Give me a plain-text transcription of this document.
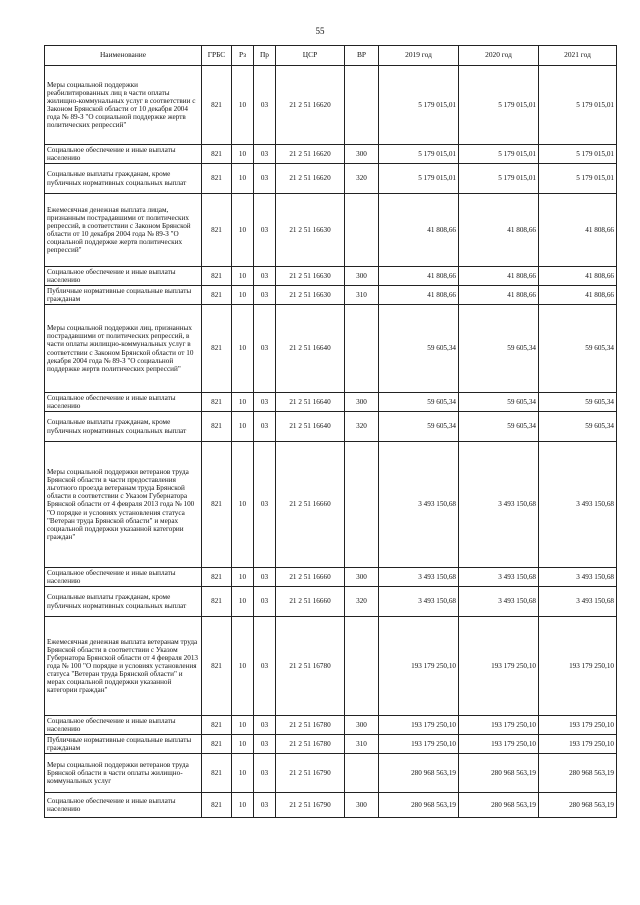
55
Наименование	ГРБС	Рз	Пр	ЦСР	ВР	2019 год	2020 год	2021 год
Меры социальной поддержки реабилитированных лиц в части оплаты жилищно-коммунальных услуг в соответствии с Законом Брянской области от 10 декабря 2004 года № 89-З "О социальной поддержке жертв политических репрессий"	821	10	03	21 2 51 16620		5 179 015,01	5 179 015,01	5 179 015,01
Социальное обеспечение и иные выплаты населению	821	10	03	21 2 51 16620	300	5 179 015,01	5 179 015,01	5 179 015,01
Социальные выплаты гражданам, кроме публичных нормативных социальных выплат	821	10	03	21 2 51 16620	320	5 179 015,01	5 179 015,01	5 179 015,01
Ежемесячная денежная выплата лицам, признанным пострадавшими от политических репрессий, в соответствии с Законом Брянской области от 10 декабря 2004 года № 89-З "О социальной поддержке жертв политических репрессий"	821	10	03	21 2 51 16630		41 808,66	41 808,66	41 808,66
Социальное обеспечение и иные выплаты населению	821	10	03	21 2 51 16630	300	41 808,66	41 808,66	41 808,66
Публичные нормативные социальные выплаты гражданам	821	10	03	21 2 51 16630	310	41 808,66	41 808,66	41 808,66
Меры социальной поддержки лиц, признанных пострадавшими от политических репрессий, в части оплаты жилищно-коммунальных услуг в соответствии с Законом Брянской области от 10 декабря 2004 года № 89-З "О социальной поддержке жертв политических репрессий"	821	10	03	21 2 51 16640		59 605,34	59 605,34	59 605,34
Социальное обеспечение и иные выплаты населению	821	10	03	21 2 51 16640	300	59 605,34	59 605,34	59 605,34
Социальные выплаты гражданам, кроме публичных нормативных социальных выплат	821	10	03	21 2 51 16640	320	59 605,34	59 605,34	59 605,34
Меры социальной поддержки ветеранов труда Брянской области в части предоставления льготного проезда ветеранам труда Брянской области в соответствии с Указом Губернатора Брянской области от 4 февраля 2013 года № 100 "О порядке и условиях установления статуса "Ветеран труда Брянской области" и мерах социальной поддержки указанной категории граждан"	821	10	03	21 2 51 16660		3 493 150,68	3 493 150,68	3 493 150,68
Социальное обеспечение и иные выплаты населению	821	10	03	21 2 51 16660	300	3 493 150,68	3 493 150,68	3 493 150,68
Социальные выплаты гражданам, кроме публичных нормативных социальных выплат	821	10	03	21 2 51 16660	320	3 493 150,68	3 493 150,68	3 493 150,68
Ежемесячная денежная выплата ветеранам труда Брянской области в соответствии с Указом Губернатора Брянской области от 4 февраля 2013 года № 100 "О порядке и условиях установления статуса "Ветеран труда Брянской области" и мерах социальной поддержки указанной категории граждан"	821	10	03	21 2 51 16780		193 179 250,10	193 179 250,10	193 179 250,10
Социальное обеспечение и иные выплаты населению	821	10	03	21 2 51 16780	300	193 179 250,10	193 179 250,10	193 179 250,10
Публичные нормативные социальные выплаты гражданам	821	10	03	21 2 51 16780	310	193 179 250,10	193 179 250,10	193 179 250,10
Меры социальной поддержки ветеранов труда Брянской области в части оплаты жилищно-коммунальных услуг	821	10	03	21 2 51 16790		280 968 563,19	280 968 563,19	280 968 563,19
Социальное обеспечение и иные выплаты населению	821	10	03	21 2 51 16790	300	280 968 563,19	280 968 563,19	280 968 563,19
